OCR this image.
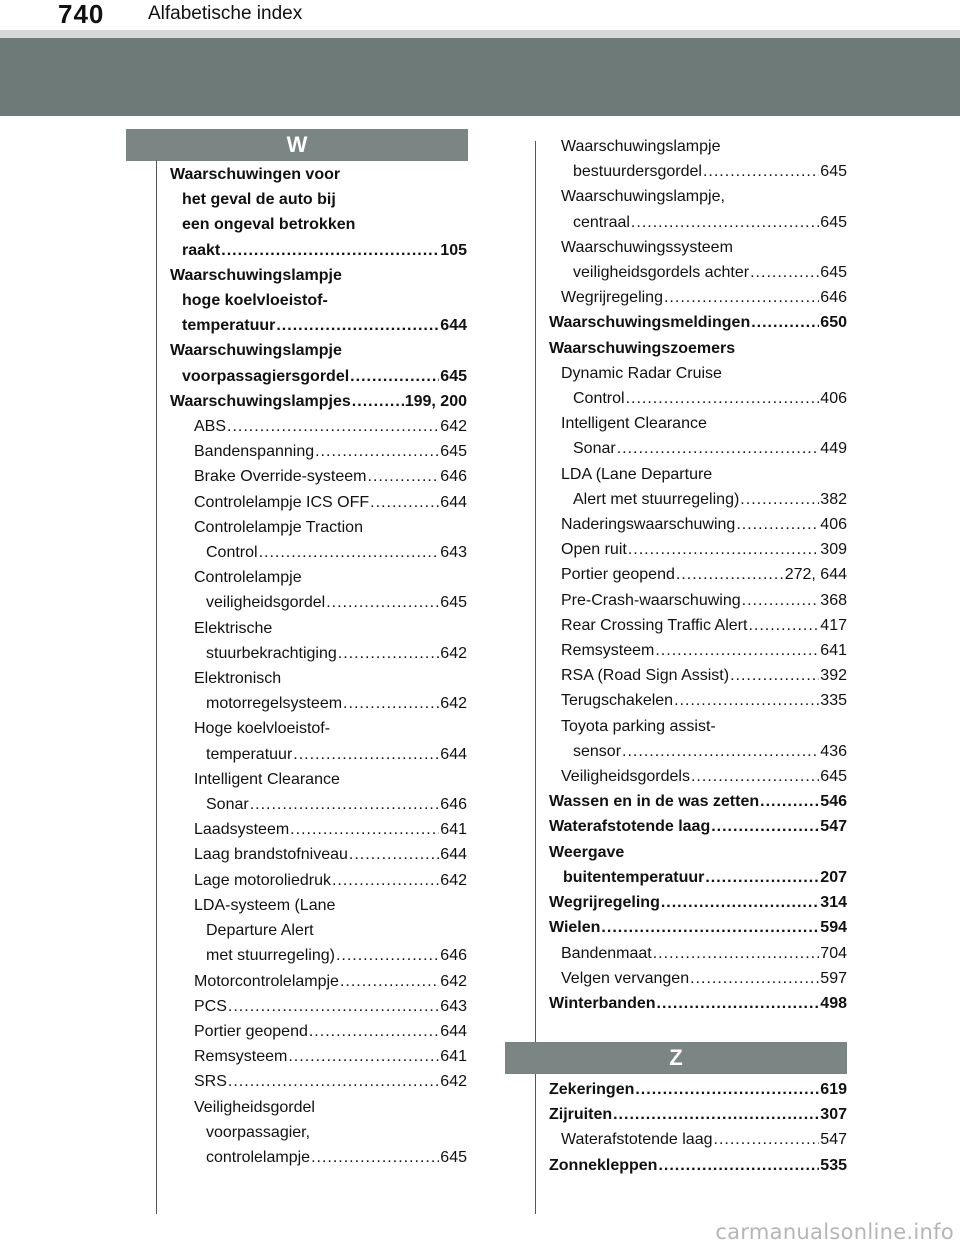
740	Alfabetische index
W
Waarschuwingen voor
het geval de auto bij
een ongeval betrokken
raakt .....	105
Waarschuwingslampje
hoge koelvloeistof-
temperatuur .....	644
Waarschuwingslampje
voorpassagiersgordel .....	645
Waarschuwingslampjes .....	199, 200
ABS .....	642
Bandenspanning .....	645
Brake Override-systeem .....	646
Controlelampje ICS OFF .....	644
Controlelampje Traction
Control .....	643
Controlelampje
veiligheidsgordel .....	645
Elektrische
stuurbekrachtiging .....	642
Elektronisch
motorregelsysteem .....	642
Hoge koelvloeistof-
temperatuur .....	644
Intelligent Clearance
Sonar .....	646
Laadsysteem .....	641
Laag brandstofniveau .....	644
Lage motoroliedruk .....	642
LDA-systeem (Lane
Departure Alert
met stuurregeling) .....	646
Motorcontrolelampje .....	642
PCS .....	643
Portier geopend .....	644
Remsysteem .....	641
SRS .....	642
Veiligheidsgordel
voorpassagier,
controlelampje .....	645
Waarschuwingslampje
bestuurdersgordel .....	645
Waarschuwingslampje,
centraal .....	645
Waarschuwingssysteem
veiligheidsgordels achter .....	645
Wegrijregeling .....	646
Waarschuwingsmeldingen .....	650
Waarschuwingszoemers
Dynamic Radar Cruise
Control .....	406
Intelligent Clearance
Sonar .....	449
LDA (Lane Departure
Alert met stuurregeling) .....	382
Naderingswaarschuwing .....	406
Open ruit .....	309
Portier geopend .....	272, 644
Pre-Crash-waarschuwing .....	368
Rear Crossing Traffic Alert .....	417
Remsysteem .....	641
RSA (Road Sign Assist) .....	392
Terugschakelen .....	335
Toyota parking assist-
sensor .....	436
Veiligheidsgordels .....	645
Wassen en in de was zetten .....	546
Waterafstotende laag .....	547
Weergave
buitentemperatuur .....	207
Wegrijregeling .....	314
Wielen .....	594
Bandenmaat .....	704
Velgen vervangen .....	597
Winterbanden .....	498
Z
Zekeringen .....	619
Zijruiten .....	307
Waterafstotende laag .....	547
Zonnekleppen .....	535
carmanualsonline.info
